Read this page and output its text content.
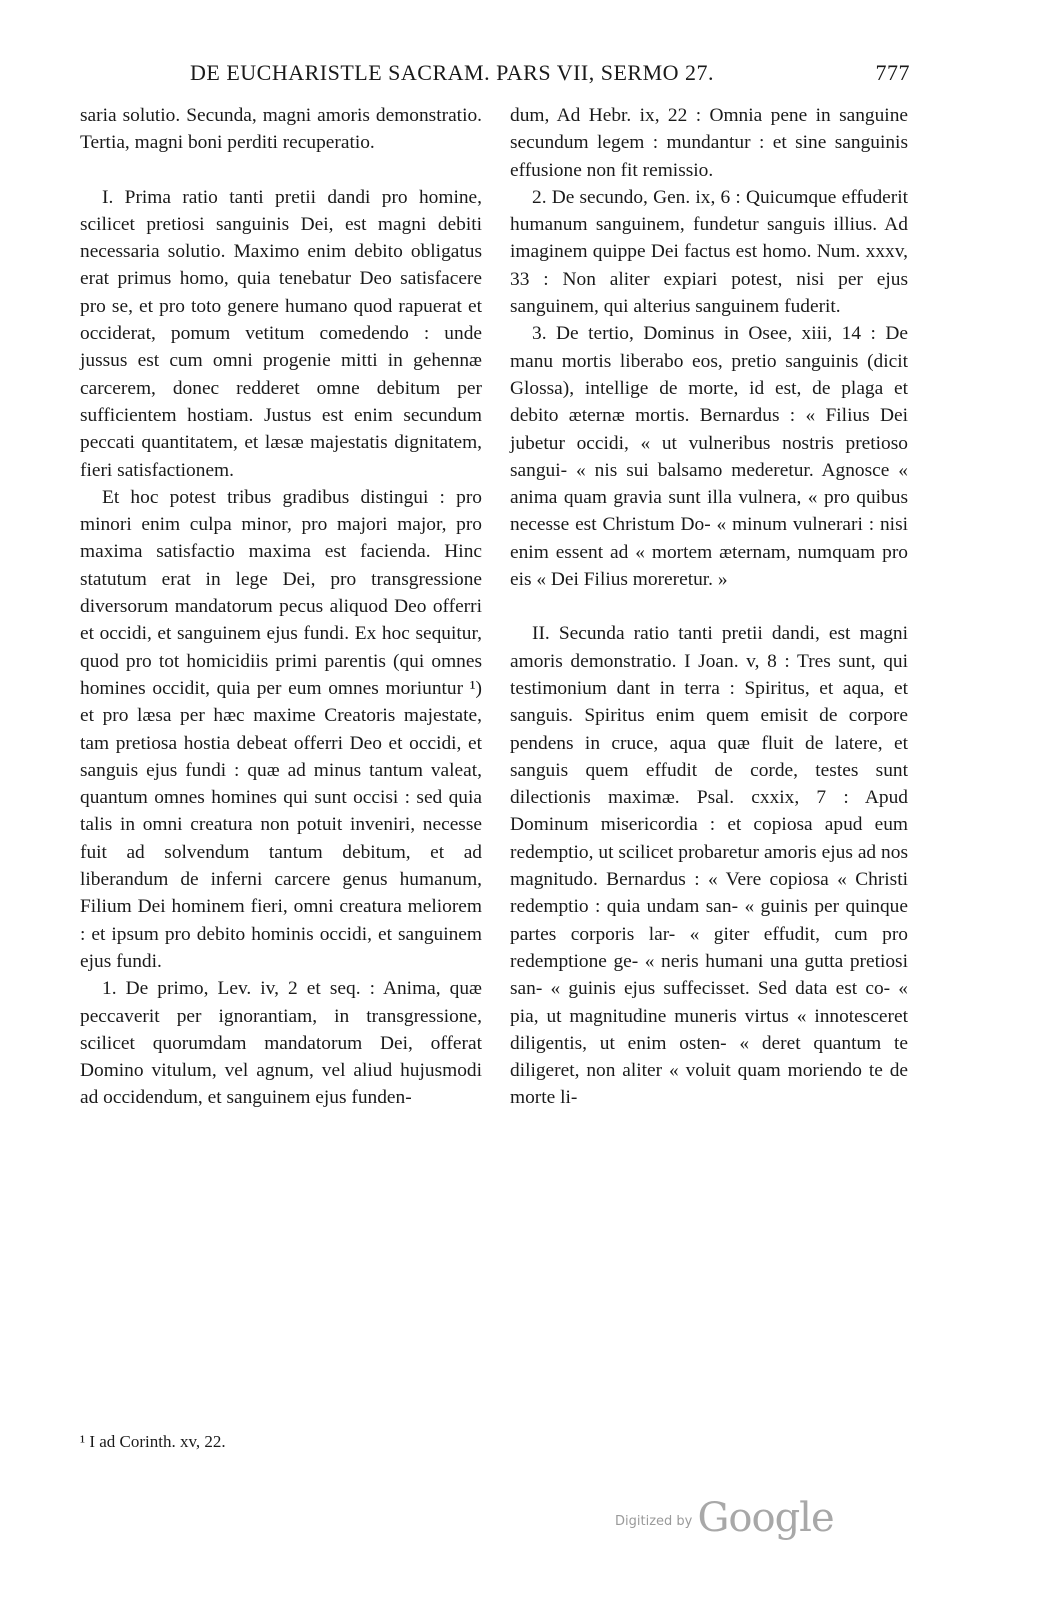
DE EUCHARISTLE SACRAM. PARS VII, SERMO 27.	777

saria solutio. Secunda, magni amoris demonstratio. Tertia, magni boni perditi recuperatio.

I. Prima ratio tanti pretii dandi pro homine, scilicet pretiosi sanguinis Dei, est magni debiti necessaria solutio. Maximo enim debito obligatus erat primus homo, quia tenebatur Deo satisfacere pro se, et pro toto genere humano quod rapuerat et occiderat, pomum vetitum comedendo : unde jussus est cum omni progenie mitti in gehennæ carcerem, donec redderet omne debitum per sufficientem hostiam. Justus est enim secundum peccati quantitatem, et læsæ majestatis dignitatem, fieri satisfactionem.

Et hoc potest tribus gradibus distingui : pro minori enim culpa minor, pro majori major, pro maxima satisfactio maxima est facienda. Hinc statutum erat in lege Dei, pro transgressione diversorum mandatorum pecus aliquod Deo offerri et occidi, et sanguinem ejus fundi. Ex hoc sequitur, quod pro tot homicidiis primi parentis (qui omnes homines occidit, quia per eum omnes moriuntur ¹) et pro læsa per hæc maxime Creatoris majestate, tam pretiosa hostia debeat offerri Deo et occidi, et sanguis ejus fundi : quæ ad minus tantum valeat, quantum omnes homines qui sunt occisi : sed quia talis in omni creatura non potuit inveniri, necesse fuit ad solvendum tantum debitum, et ad liberandum de inferni carcere genus humanum, Filium Dei hominem fieri, omni creatura meliorem : et ipsum pro debito hominis occidi, et sanguinem ejus fundi.

1. De primo, Lev. iv, 2 et seq. : Anima, quæ peccaverit per ignorantiam, in transgressione, scilicet quorumdam mandatorum Dei, offerat Domino vitulum, vel agnum, vel aliud hujusmodi ad occidendum, et sanguinem ejus funden-

dum, Ad Hebr. ix, 22 : Omnia pene in sanguine secundum legem : mundantur : et sine sanguinis effusione non fit remissio.

2. De secundo, Gen. ix, 6 : Quicumque effuderit humanum sanguinem, fundetur sanguis illius. Ad imaginem quippe Dei factus est homo. Num. xxxv, 33 : Non aliter expiari potest, nisi per ejus sanguinem, qui alterius sanguinem fuderit.

3. De tertio, Dominus in Osee, xiii, 14 : De manu mortis liberabo eos, pretio sanguinis (dicit Glossa), intellige de morte, id est, de plaga et debito æternæ mortis. Bernardus : « Filius Dei jubetur occidi, « ut vulneribus nostris pretioso sangui- « nis sui balsamo mederetur. Agnosce « anima quam gravia sunt illa vulnera, « pro quibus necesse est Christum Do- « minum vulnerari : nisi enim essent ad « mortem æternam, numquam pro eis « Dei Filius moreretur. »

II. Secunda ratio tanti pretii dandi, est magni amoris demonstratio. I Joan. v, 8 : Tres sunt, qui testimonium dant in terra : Spiritus, et aqua, et sanguis. Spiritus enim quem emisit de corpore pendens in cruce, aqua quæ fluit de latere, et sanguis quem effudit de corde, testes sunt dilectionis maximæ. Psal. cxxix, 7 : Apud Dominum misericordia : et copiosa apud eum redemptio, ut scilicet probaretur amoris ejus ad nos magnitudo. Bernardus : « Vere copiosa « Christi redemptio : quia undam san- « guinis per quinque partes corporis lar- « giter effudit, cum pro redemptione ge- « neris humani una gutta pretiosi san- « guinis ejus suffecisset. Sed data est co- « pia, ut magnitudine muneris virtus « innotesceret diligentis, ut enim osten- « deret quantum te diligeret, non aliter « voluit quam moriendo te de morte li-

¹ I ad Corinth. xv, 22.
$^{Digitized by}$ Google
